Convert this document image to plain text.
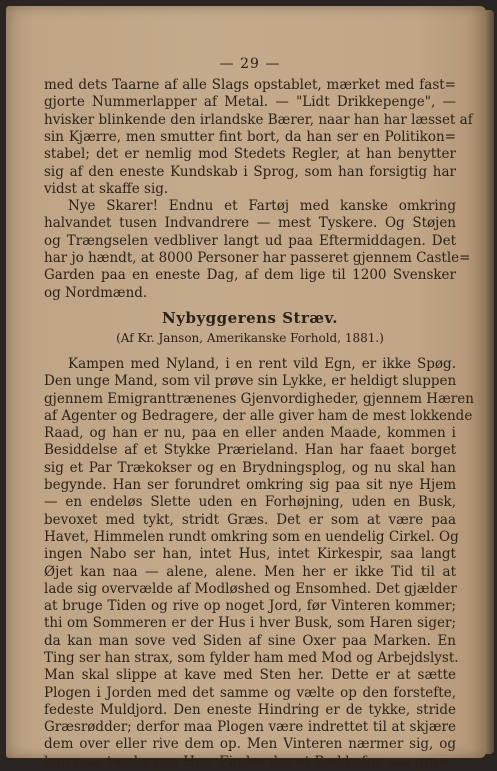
— 29 —
med dets Taarne af alle Slags opstablet, mærket med fast=
gjorte Nummerlapper af Metal. — "Lidt Drikkepenge", —
hvisker blinkende den irlandske Bærer, naar han har læsset af
sin Kjærre, men smutter fint bort, da han ser en Politikon=
stabel; det er nemlig mod Stedets Regler, at han benytter
sig af den eneste Kundskab i Sprog, som han forsigtig har
vidst at skaffe sig.
Nye Skarer! Endnu et Fartøj med kanske omkring
halvandet tusen Indvandrere — mest Tyskere. Og Støjen
og Trængselen vedbliver langt ud paa Eftermiddagen. Det
har jo hændt, at 8000 Personer har passeret gjennem Castle=
Garden paa en eneste Dag, af dem lige til 1200 Svensker
og Nordmænd.
Nybyggerens Stræv.
(Af Kr. Janson, Amerikanske Forhold, 1881.)
Kampen med Nyland, i en rent vild Egn, er ikke Spøg.
Den unge Mand, som vil prøve sin Lykke, er heldigt sluppen
gjennem Emigranttrænenes Gjenvordigheder, gjennem Hæren
af Agenter og Bedragere, der alle giver ham de mest lokkende
Raad, og han er nu, paa en eller anden Maade, kommen i
Besiddelse af et Stykke Prærieland. Han har faaet borget
sig et Par Trækokser og en Brydningsplog, og nu skal han
begynde. Han ser forundret omkring sig paa sit nye Hjem
— en endeløs Slette uden en Forhøjning, uden en Busk,
bevoxet med tykt, stridt Græs. Det er som at være paa
Havet, Himmelen rundt omkring som en uendelig Cirkel. Og
ingen Nabo ser han, intet Hus, intet Kirkespir, saa langt
Øjet kan naa — alene, alene. Men her er ikke Tid til at
lade sig overvælde af Modløshed og Ensomhed. Det gjælder
at bruge Tiden og rive op noget Jord, før Vinteren kommer;
thi om Sommeren er der Hus i hver Busk, som Haren siger;
da kan man sove ved Siden af sine Oxer paa Marken. En
Ting ser han strax, som fylder ham med Mod og Arbejdslyst.
Man skal slippe at kave med Sten her. Dette er at sætte
Plogen i Jorden med det samme og vælte op den forstefte,
fedeste Muldjord. Den eneste Hindring er de tykke, stride
Græsrødder; derfor maa Plogen være indrettet til at skjære
dem over eller rive dem op. Men Vinteren nærmer sig, og
han maa tænke paa Hus. Findes der et Bækkefor, saa gra=
